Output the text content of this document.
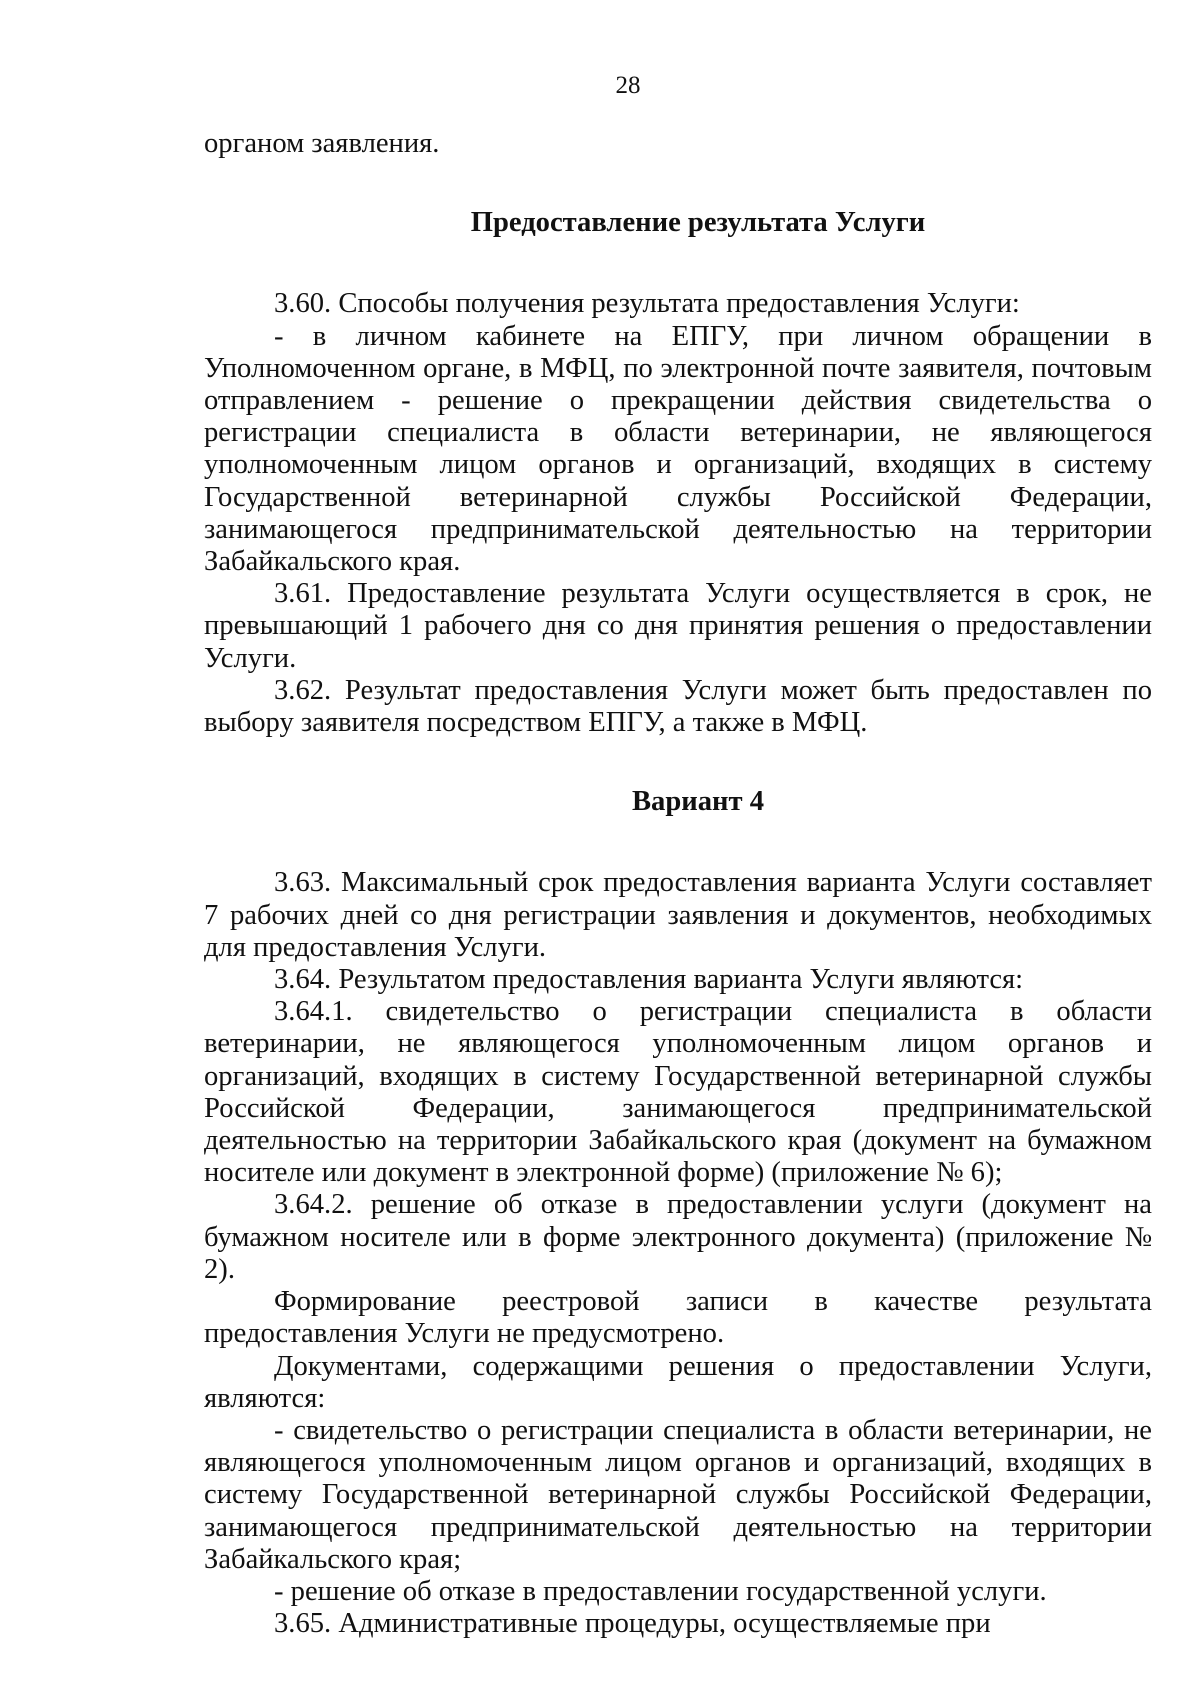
28

органом заявления.

Предоставление результата Услуги

3.60. Способы получения результата предоставления Услуги:

- в личном кабинете на ЕПГУ, при личном обращении в Уполномоченном органе, в МФЦ, по электронной почте заявителя, почтовым отправлением - решение о прекращении действия свидетельства о регистрации специалиста в области ветеринарии, не являющегося уполномоченным лицом органов и организаций, входящих в систему Государственной ветеринарной службы Российской Федерации, занимающегося предпринимательской деятельностью на территории Забайкальского края.

3.61. Предоставление результата Услуги осуществляется в срок, не превышающий 1 рабочего дня со дня принятия решения о предоставлении Услуги.

3.62. Результат предоставления Услуги может быть предоставлен по выбору заявителя посредством ЕПГУ, а также в МФЦ.

Вариант 4

3.63. Максимальный срок предоставления варианта Услуги составляет 7 рабочих дней со дня регистрации заявления и документов, необходимых для предоставления Услуги.

3.64. Результатом предоставления варианта Услуги являются:

3.64.1. свидетельство о регистрации специалиста в области ветеринарии, не являющегося уполномоченным лицом органов и организаций, входящих в систему Государственной ветеринарной службы Российской Федерации, занимающегося предпринимательской деятельностью на территории Забайкальского края (документ на бумажном носителе или документ в электронной форме) (приложение № 6);

3.64.2. решение об отказе в предоставлении услуги (документ на бумажном носителе или в форме электронного документа) (приложение № 2).

Формирование реестровой записи в качестве результата предоставления Услуги не предусмотрено.

Документами, содержащими решения о предоставлении Услуги, являются:

- свидетельство о регистрации специалиста в области ветеринарии, не являющегося уполномоченным лицом органов и организаций, входящих в систему Государственной ветеринарной службы Российской Федерации, занимающегося предпринимательской деятельностью на территории Забайкальского края;

- решение об отказе в предоставлении государственной услуги.

3.65. Административные процедуры, осуществляемые при
